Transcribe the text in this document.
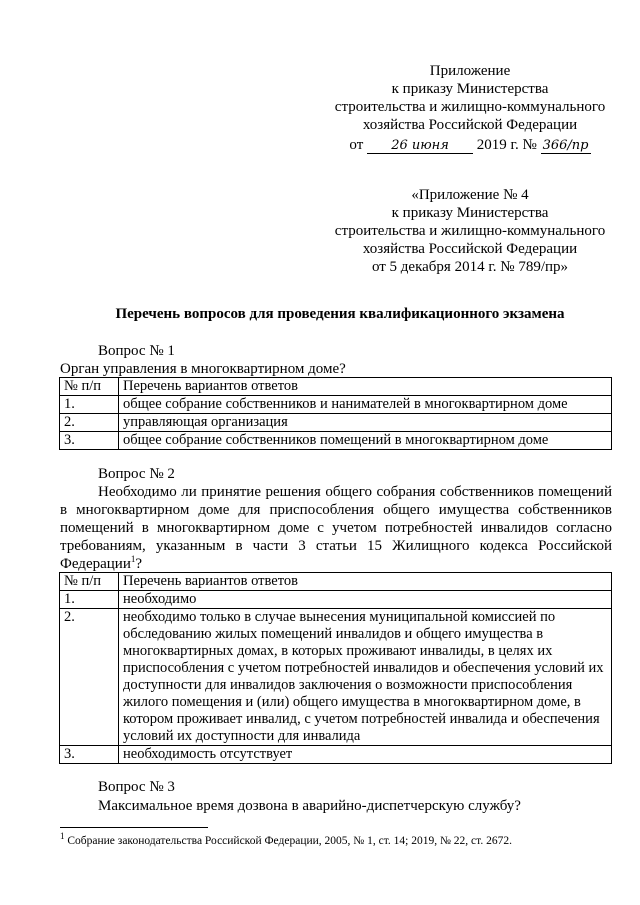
Приложение
к приказу Министерства
строительства и жилищно-коммунального
хозяйства Российской Федерации
от 26 июня 2019 г. № 366/пр
«Приложение № 4
к приказу Министерства
строительства и жилищно-коммунального
хозяйства Российской Федерации
от 5 декабря 2014 г. № 789/пр»
Перечень вопросов для проведения квалификационного экзамена
Вопрос № 1
Орган управления в многоквартирном доме?
№ п/п	Перечень вариантов ответов
1.	общее собрание собственников и нанимателей в многоквартирном доме
2.	управляющая организация
3.	общее собрание собственников помещений в многоквартирном доме
Вопрос № 2
Необходимо ли принятие решения общего собрания собственников помещений в многоквартирном доме для приспособления общего имущества собственников помещений в многоквартирном доме с учетом потребностей инвалидов согласно требованиям, указанным в части 3 статьи 15 Жилищного кодекса Российской Федерации$^1$?
№ п/п	Перечень вариантов ответов
1.	необходимо
2.	необходимо только в случае вынесения муниципальной комиссией по обследованию жилых помещений инвалидов и общего имущества в многоквартирных домах, в которых проживают инвалиды, в целях их приспособления с учетом потребностей инвалидов и обеспечения условий их доступности для инвалидов заключения о возможности приспособления жилого помещения и (или) общего имущества в многоквартирном доме, в котором проживает инвалид, с учетом потребностей инвалида и обеспечения условий их доступности для инвалида
3.	необходимость отсутствует
Вопрос № 3
Максимальное время дозвона в аварийно-диспетчерскую службу?
$^1$ Собрание законодательства Российской Федерации, 2005, № 1, ст. 14; 2019, № 22, ст. 2672.
